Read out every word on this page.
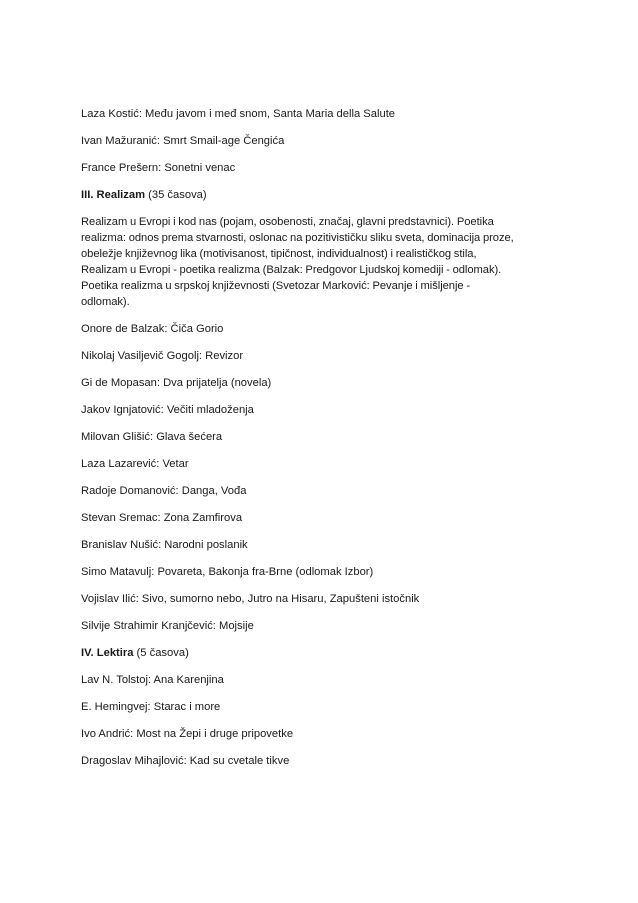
Laza Kostić: Među javom i međ snom, Santa Maria della Salute

Ivan Mažuranić: Smrt Smail-age Čengića

France Prešern: Sonetni venac

III. Realizam (35 časova)

Realizam u Evropi i kod nas (pojam, osobenosti, značaj, glavni predstavnici). Poetika realizma: odnos prema stvarnosti, oslonac na pozitivističku sliku sveta, dominacija proze, obeležje književnog lika (motivisanost, tipičnost, individualnost) i realističkog stila, Realizam u Evropi - poetika realizma (Balzak: Predgovor Ljudskoj komediji - odlomak). Poetika realizma u srpskoj književnosti (Svetozar Marković: Pevanje i mišljenje - odlomak).

Onore de Balzak: Čiča Gorio

Nikolaj Vasiljevič Gogolj: Revizor

Gi de Mopasan: Dva prijatelja (novela)

Jakov Ignjatović: Večiti mladoženja

Milovan Glišić: Glava šećera

Laza Lazarević: Vetar

Radoje Domanović: Danga, Vođa

Stevan Sremac: Zona Zamfirova

Branislav Nušić: Narodni poslanik

Simo Matavulj: Povareta, Bakonja fra-Brne (odlomak Izbor)

Vojislav Ilić: Sivo, sumorno nebo, Jutro na Hisaru, Zapušteni istočnik

Silvije Strahimir Kranjčević: Mojsije

IV. Lektira (5 časova)

Lav N. Tolstoj: Ana Karenjina

E. Hemingvej: Starac i more

Ivo Andrić: Most na Žepi i druge pripovetke

Dragoslav Mihajlović: Kad su cvetale tikve
